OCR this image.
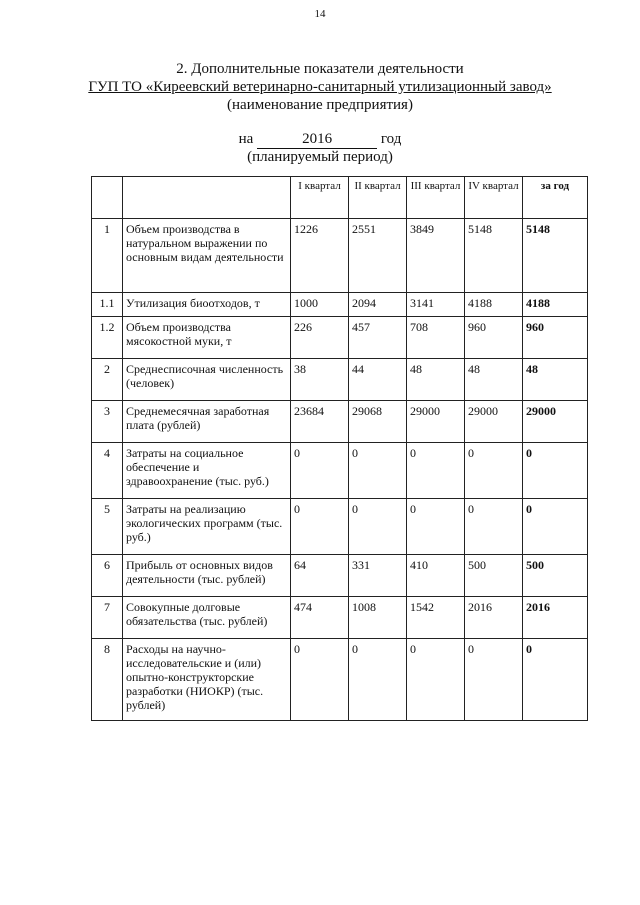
14
2. Дополнительные показатели деятельности
ГУП ТО «Киреевский ветеринарно-санитарный утилизационный завод»
(наименование предприятия)
на	2016	год
(планируемый период)
		I квартал	II квартал	III квартал	IV квартал	за год
1	Объем производства в натуральном выражении по основным видам деятельности	1226	2551	3849	5148	5148
1.1	Утилизация биоотходов, т	1000	2094	3141	4188	4188
1.2	Объем производства мясокостной муки, т	226	457	708	960	960
2	Среднесписочная численность (человек)	38	44	48	48	48
3	Среднемесячная заработная плата (рублей)	23684	29068	29000	29000	29000
4	Затраты на социальное обеспечение и здравоохранение (тыс. руб.)	0	0	0	0	0
5	Затраты на реализацию экологических программ (тыс. руб.)	0	0	0	0	0
6	Прибыль от основных видов деятельности (тыс. рублей)	64	331	410	500	500
7	Совокупные долговые обязательства (тыс. рублей)	474	1008	1542	2016	2016
8	Расходы на научно-исследовательские и (или) опытно-конструкторские разработки (НИОКР) (тыс. рублей)	0	0	0	0	0
